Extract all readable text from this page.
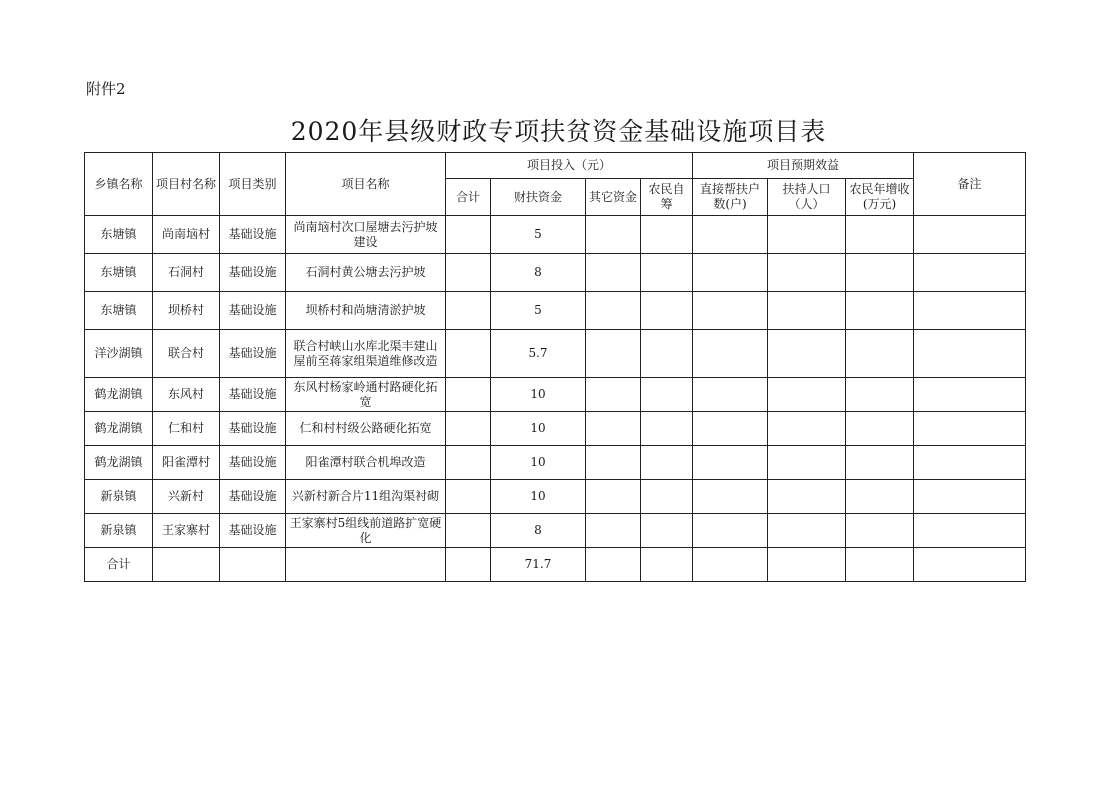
附件2
2020年县级财政专项扶贫资金基础设施项目表
乡镇名称	项目村名称	项目类别	项目名称	项目投入（元）				项目预期效益			备注
				合计	财扶资金	其它资金	农民自筹	直接帮扶户数(户)	扶持人口（人）	农民年增收(万元)	
东塘镇	尚南垴村	基础设施	尚南垴村次口屋塘去污护坡建设		5						
东塘镇	石洞村	基础设施	石洞村黄公塘去污护坡		8						
东塘镇	坝桥村	基础设施	坝桥村和尚塘清淤护坡		5						
洋沙湖镇	联合村	基础设施	联合村峡山水库北渠丰建山屋前至蒋家组渠道维修改造		5.7						
鹤龙湖镇	东风村	基础设施	东风村杨家岭通村路硬化拓宽		10						
鹤龙湖镇	仁和村	基础设施	仁和村村级公路硬化拓宽		10						
鹤龙湖镇	阳雀潭村	基础设施	阳雀潭村联合机埠改造		10						
新泉镇	兴新村	基础设施	兴新村新合片11组沟渠衬砌		10						
新泉镇	王家寨村	基础设施	王家寨村5组线前道路扩宽硬化		8						
合计					71.7						
